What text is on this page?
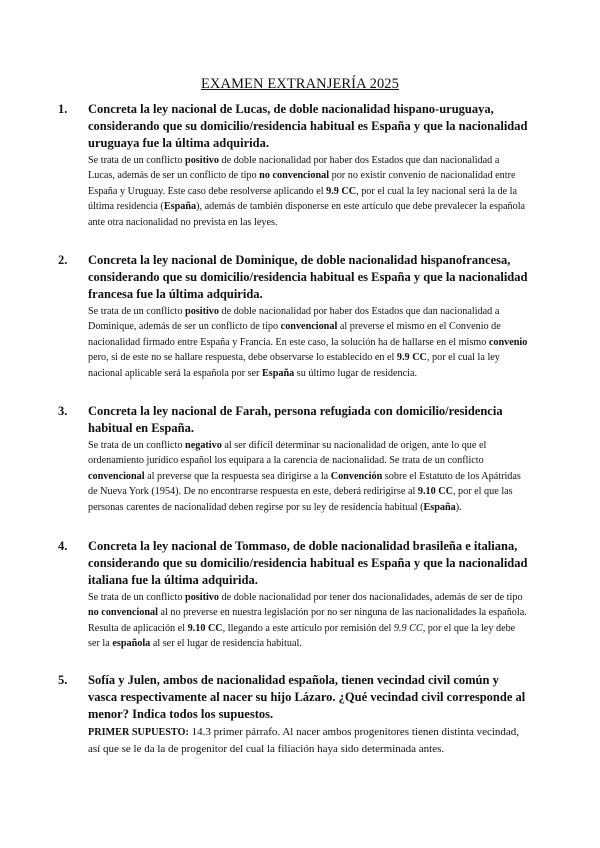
EXAMEN EXTRANJERÍA 2025
1. Concreta la ley nacional de Lucas, de doble nacionalidad hispano-uruguaya, considerando que su domicilio/residencia habitual es España y que la nacionalidad uruguaya fue la última adquirida.
Se trata de un conflicto positivo de doble nacionalidad por haber dos Estados que dan nacionalidad a Lucas, además de ser un conflicto de tipo no convencional por no existir convenio de nacionalidad entre España y Uruguay. Este caso debe resolverse aplicando el 9.9 CC, por el cual la ley nacional será la de la última residencia (España), además de también disponerse en este artículo que debe prevalecer la española ante otra nacionalidad no prevista en las leyes.
2. Concreta la ley nacional de Dominique, de doble nacionalidad hispanofrancesa, considerando que su domicilio/residencia habitual es España y que la nacionalidad francesa fue la última adquirida.
Se trata de un conflicto positivo de doble nacionalidad por haber dos Estados que dan nacionalidad a Dominique, además de ser un conflicto de tipo convencional al preverse el mismo en el Convenio de nacionalidad firmado entre España y Francia. En este caso, la solución ha de hallarse en el mismo convenio pero, si de este no se hallare respuesta, debe observarse lo establecido en el 9.9 CC, por el cual la ley nacional aplicable será la española por ser España su último lugar de residencia.
3. Concreta la ley nacional de Farah, persona refugiada con domicilio/residencia habitual en España.
Se trata de un conflicto negativo al ser difícil determinar su nacionalidad de origen, ante lo que el ordenamiento jurídico español los equipara a la carencia de nacionalidad. Se trata de un conflicto convencional al preverse que la respuesta sea dirigirse a la Convención sobre el Estatuto de los Apátridas de Nueva York (1954). De no encontrarse respuesta en este, deberá redirigirse al 9.10 CC, por el que las personas carentes de nacionalidad deben regirse por su ley de residencia habitual (España).
4. Concreta la ley nacional de Tommaso, de doble nacionalidad brasileña e italiana, considerando que su domicilio/residencia habitual es España y que la nacionalidad italiana fue la última adquirida.
Se trata de un conflicto positivo de doble nacionalidad por tener dos nacionalidades, además de ser de tipo no convencional al no preverse en nuestra legislación por no ser ninguna de las nacionalidades la española. Resulta de aplicación el 9.10 CC, llegando a este artículo por remisión del 9.9 CC, por el que la ley debe ser la española al ser el lugar de residencia habitual.
5. Sofía y Julen, ambos de nacionalidad española, tienen vecindad civil común y vasca respectivamente al nacer su hijo Lázaro. ¿Qué vecindad civil corresponde al menor? Indica todos los supuestos.
PRIMER SUPUESTO: 14.3 primer párrafo. Al nacer ambos progenitores tienen distinta vecindad, así que se le da la de progenitor del cual la filiación haya sido determinada antes.
